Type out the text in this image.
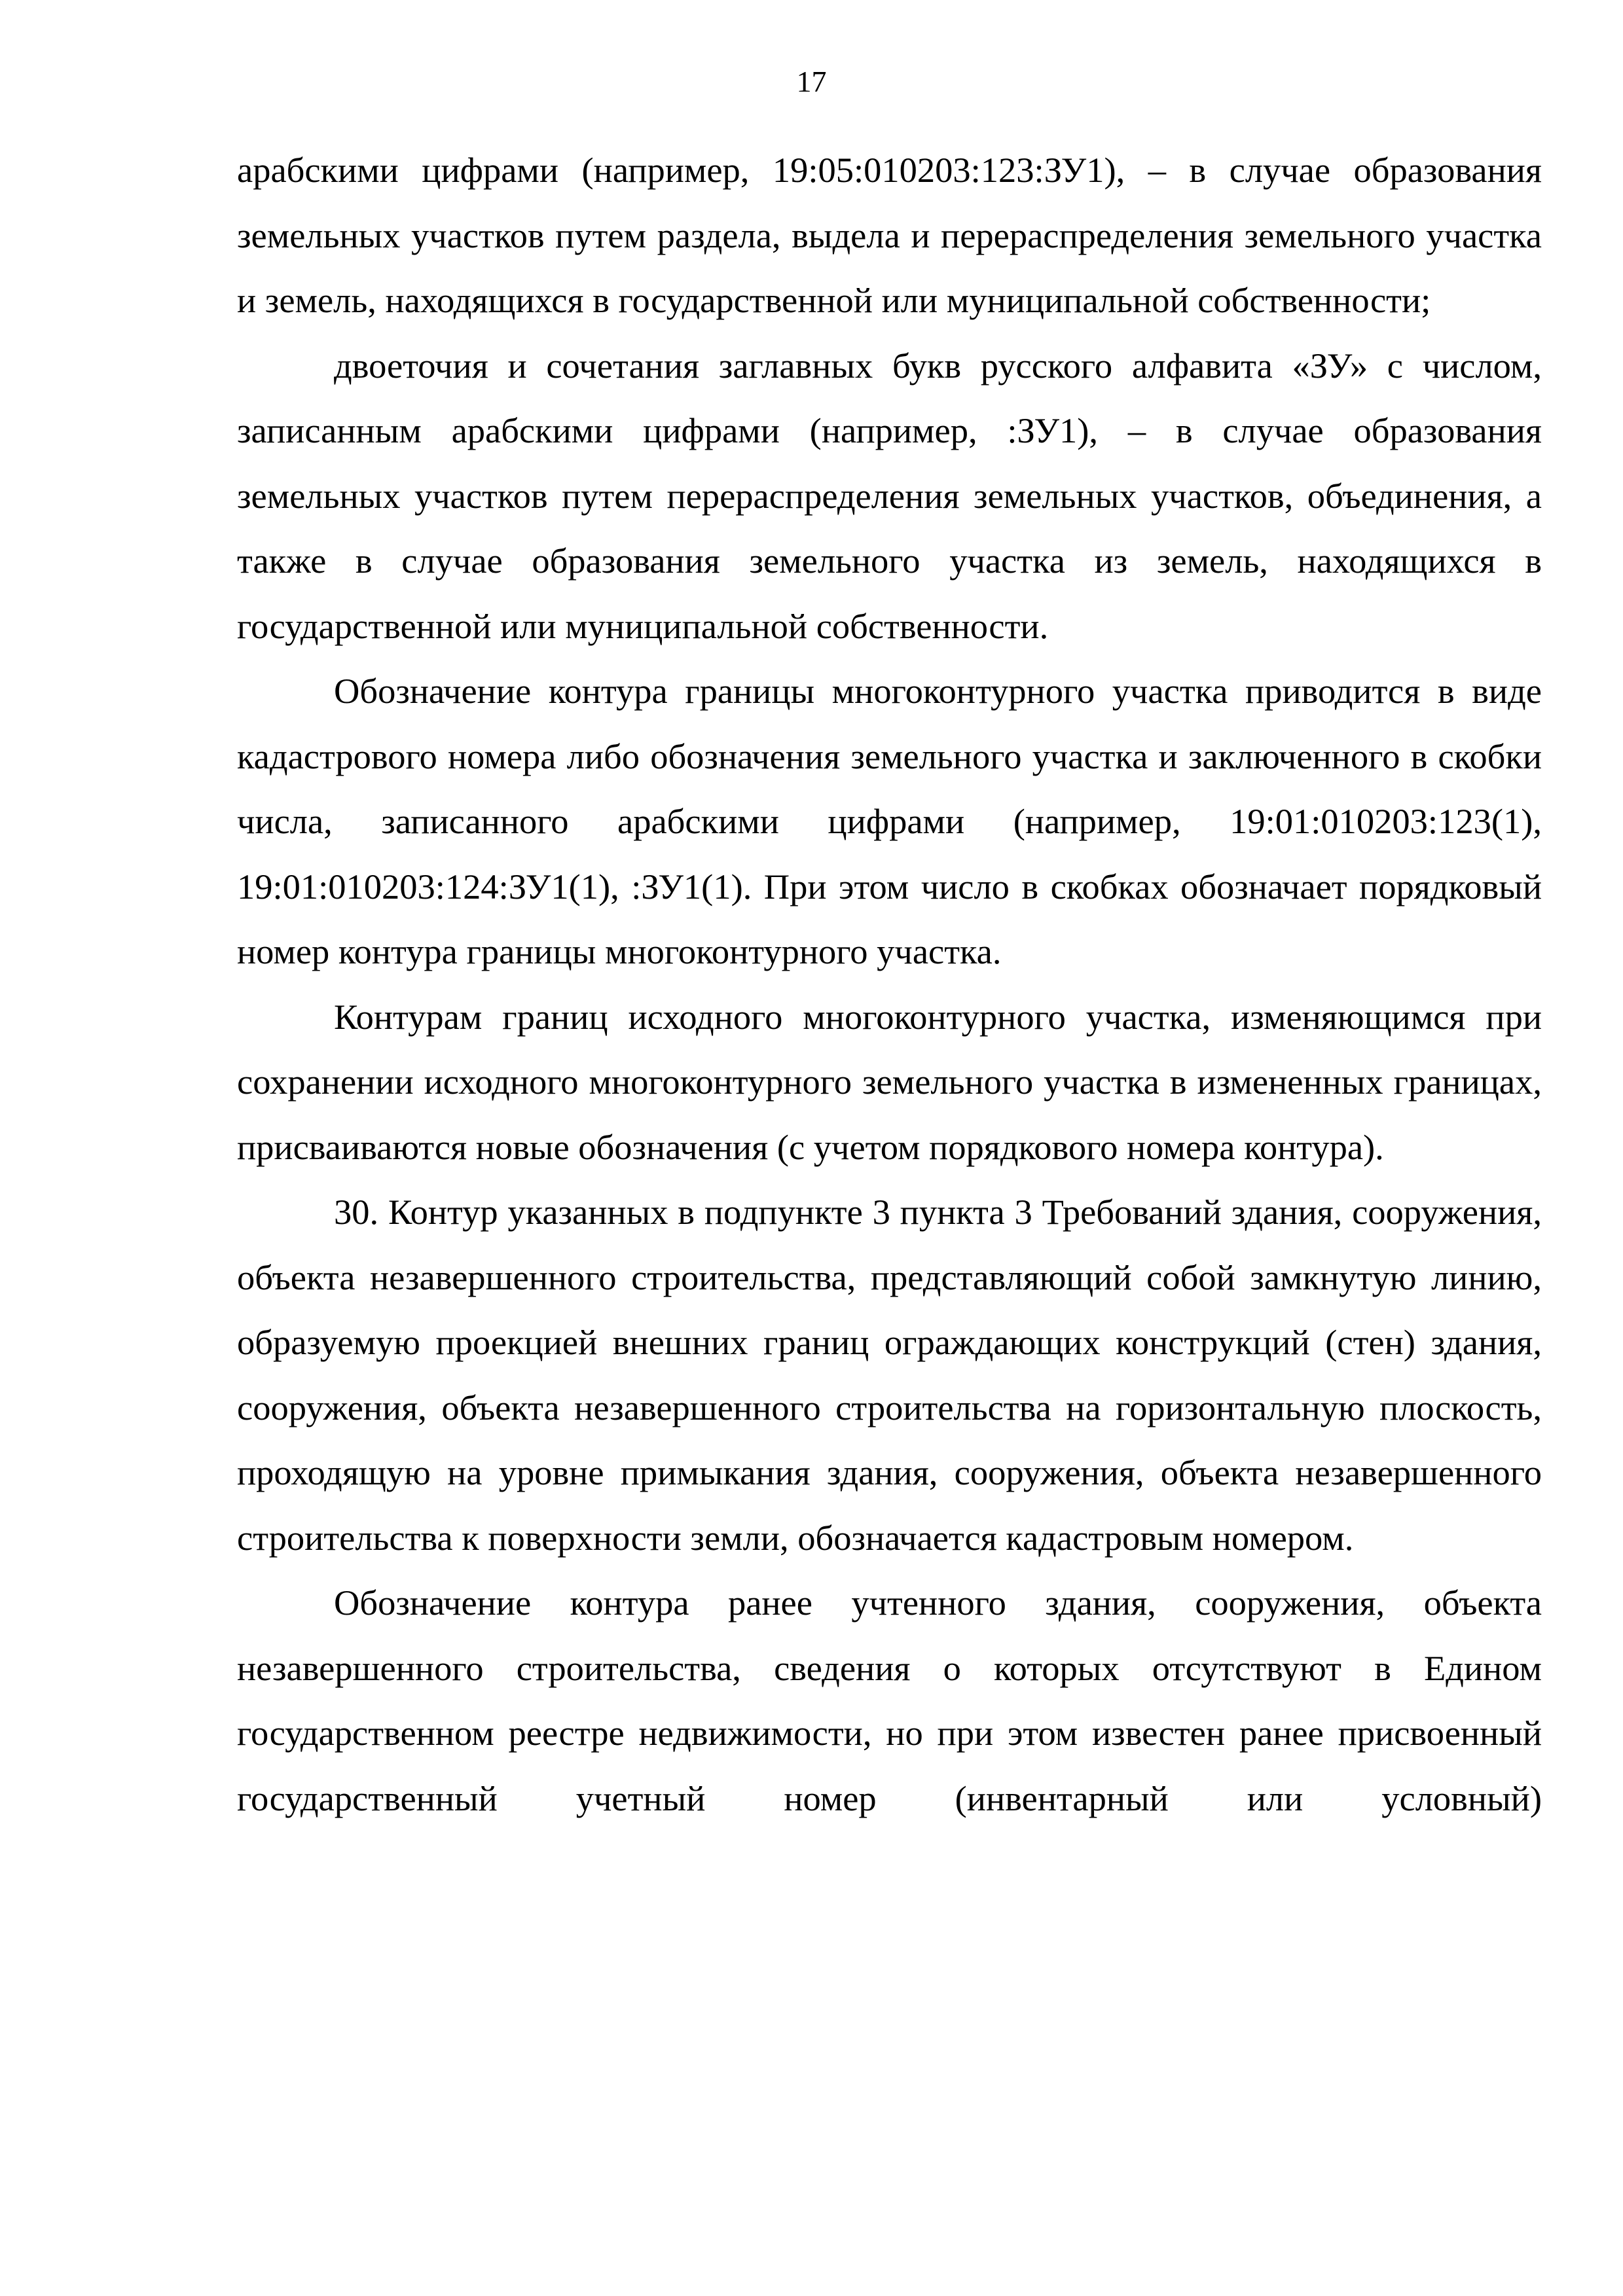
17

арабскими цифрами (например, 19:05:010203:123:ЗУ1), – в случае образования земельных участков путем раздела, выдела и перераспределения земельного участка и земель, находящихся в государственной или муниципальной собственности;

двоеточия и сочетания заглавных букв русского алфавита «ЗУ» с числом, записанным арабскими цифрами (например, :ЗУ1), – в случае образования земельных участков путем перераспределения земельных участков, объединения, а также в случае образования земельного участка из земель, находящихся в государственной или муниципальной собственности.

Обозначение контура границы многоконтурного участка приводится в виде кадастрового номера либо обозначения земельного участка и заключенного в скобки числа, записанного арабскими цифрами (например, 19:01:010203:123(1), 19:01:010203:124:ЗУ1(1), :ЗУ1(1). При этом число в скобках обозначает порядковый номер контура границы многоконтурного участка.

Контурам границ исходного многоконтурного участка, изменяющимся при сохранении исходного многоконтурного земельного участка в измененных границах, присваиваются новые обозначения (с учетом порядкового номера контура).

30. Контур указанных в подпункте 3 пункта 3 Требований здания, сооружения, объекта незавершенного строительства, представляющий собой замкнутую линию, образуемую проекцией внешних границ ограждающих конструкций (стен) здания, сооружения, объекта незавершенного строительства на горизонтальную плоскость, проходящую на уровне примыкания здания, сооружения, объекта незавершенного строительства к поверхности земли, обозначается кадастровым номером.

Обозначение контура ранее учтенного здания, сооружения, объекта незавершенного строительства, сведения о которых отсутствуют в Едином государственном реестре недвижимости, но при этом известен ранее присвоенный государственный учетный номер (инвентарный или условный)
